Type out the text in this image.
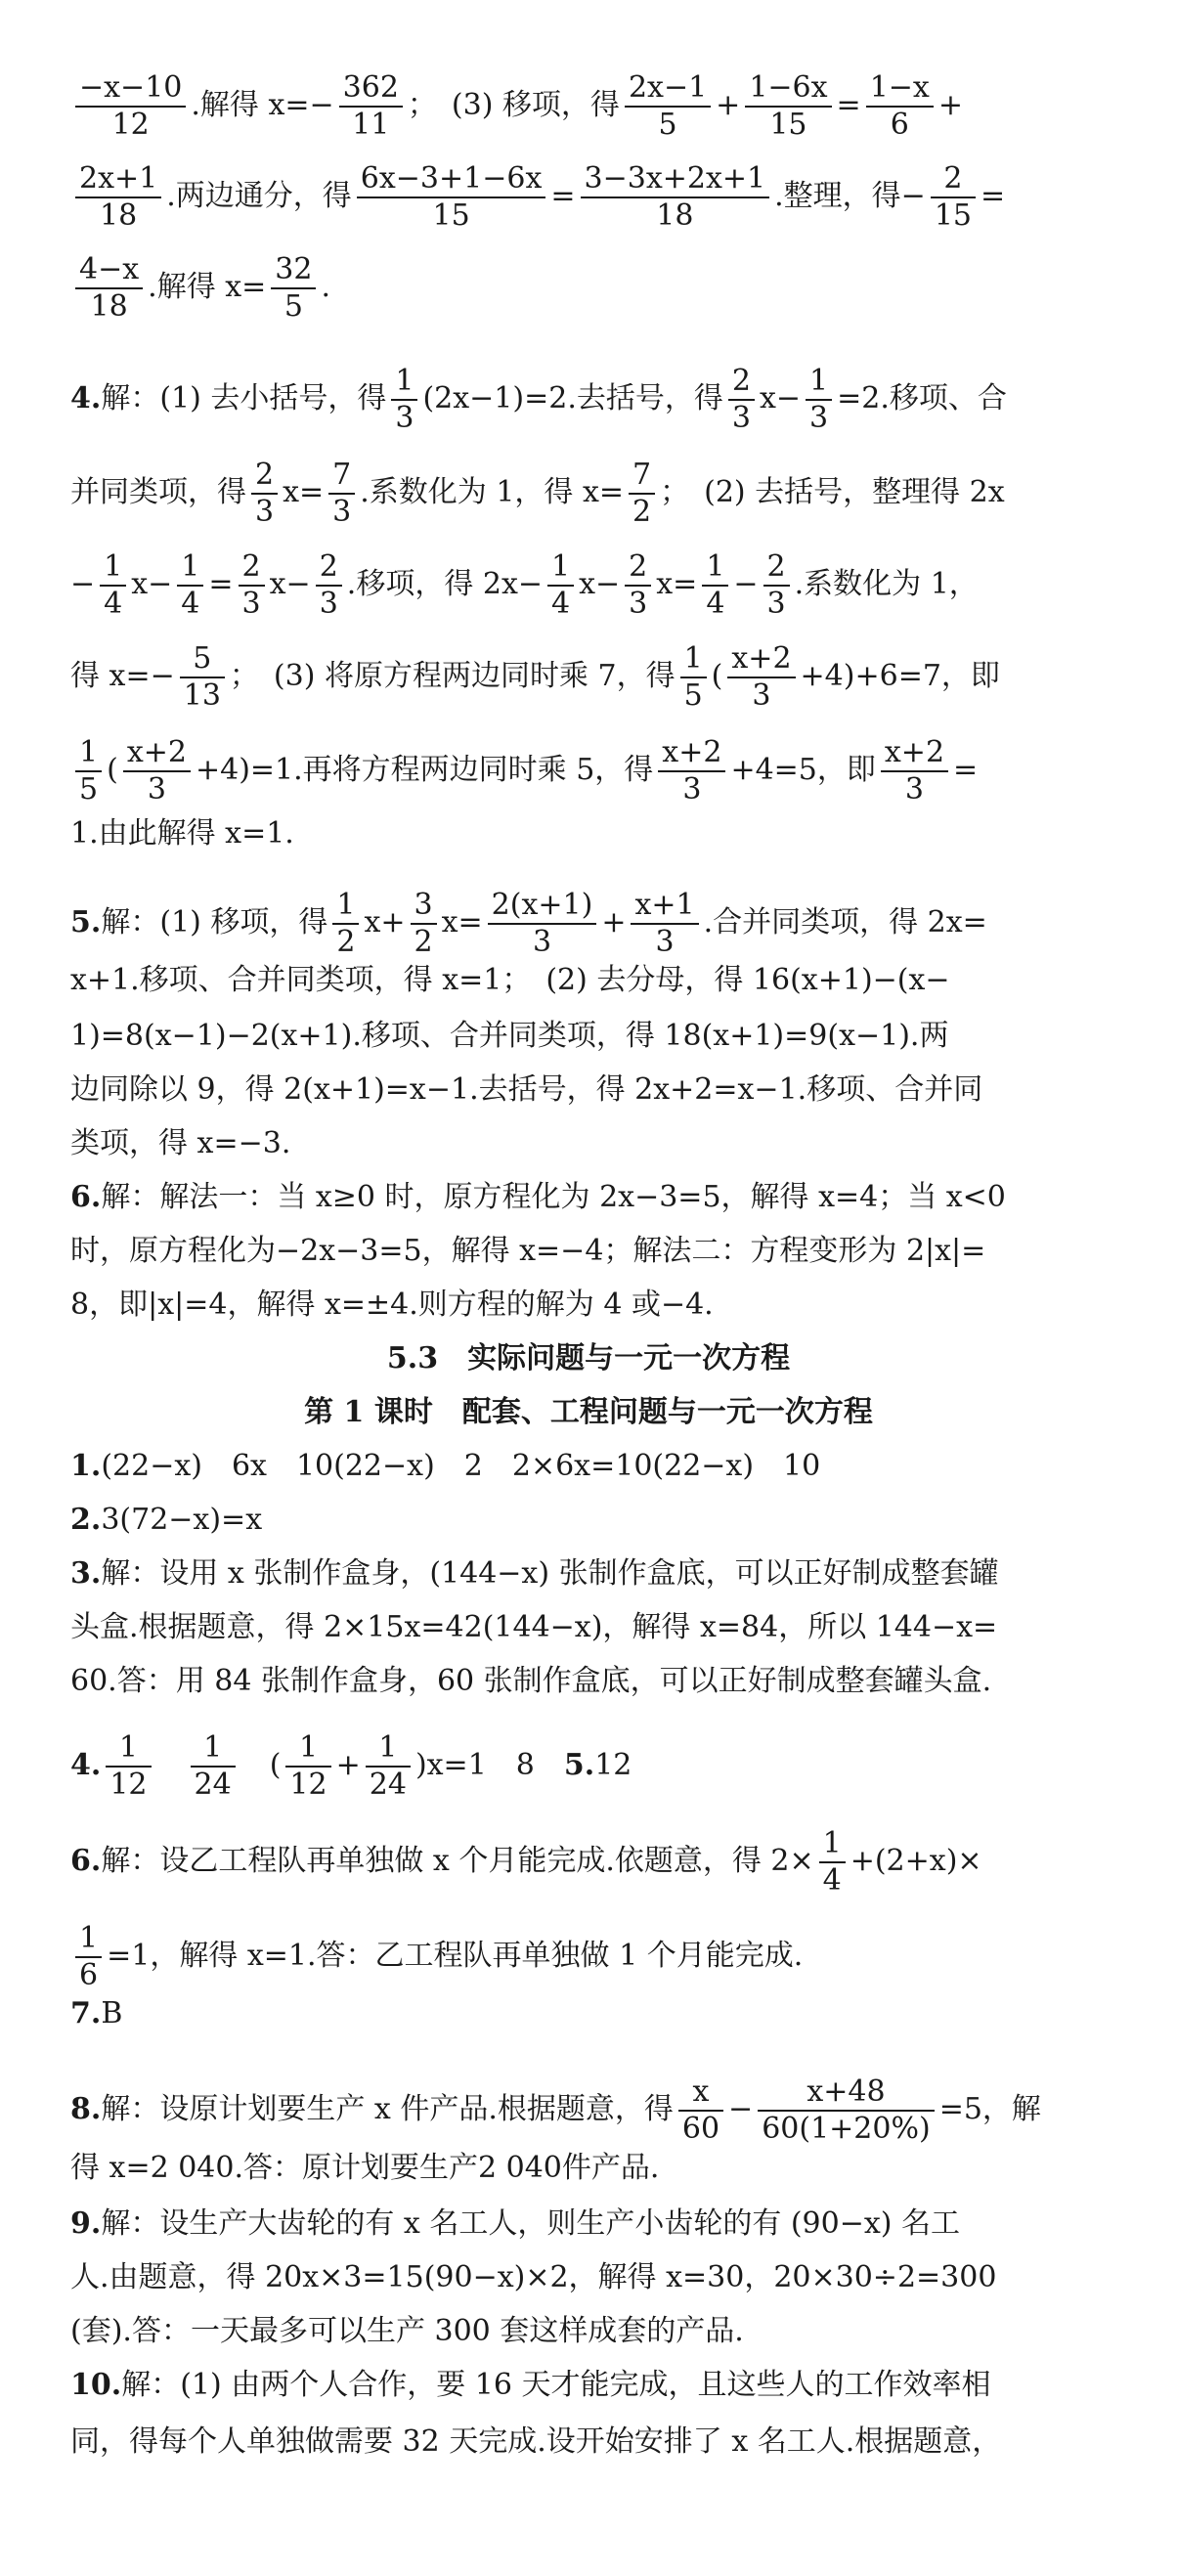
$\frac{-x-10}{12}$ .解得 $x=- \frac{362}{11}$ ；　(3) 移项，得 $\frac{2x-1}{5} + \frac{1-6x}{15} = \frac{1-x}{6}$ +
$\frac{2x+1}{18}$ .两边通分，得 $\frac{6x-3+1-6x}{15} = \frac{3-3x+2x+1}{18}$ .整理，得− $\frac{2}{15}$ =
$\frac{4-x}{18}$ .解得 $x= \frac{32}{5}$ .
4.解：(1) 去小括号，得 $\frac{1}{3} (2x-1)=2$.去括号，得 $\frac{2}{3} x- \frac{1}{3} =2$.移项、合
并同类项，得 $\frac{2}{3} x= \frac{7}{3}$ .系数化为 1，得 $x= \frac{7}{2}$ ；　(2) 去括号，整理得 2x
− $\frac{1}{4} x- \frac{1}{4} = \frac{2}{3} x- \frac{2}{3}$ .移项，得 $2x- \frac{1}{4} x- \frac{2}{3} x= \frac{1}{4} - \frac{2}{3}$ .系数化为 1，
得 $x=- \frac{5}{13}$ ；　(3) 将原方程两边同时乘 7，得 $\frac{1}{5}$ ( $\frac{x+2}{3} +4)+6=7$，即
$\frac{1}{5}$ ( $\frac{x+2}{3} +4)=1$.再将方程两边同时乘 5，得 $\frac{x+2}{3} +4=5$，即 $\frac{x+2}{3}$ =
1.由此解得 x=1.
5.解：(1) 移项，得 $\frac{1}{2} x+ \frac{3}{2} x= \frac{2(x+1)}{3} + \frac{x+1}{3}$ .合并同类项，得 2x=
x+1.移项、合并同类项，得 x=1；　(2) 去分母，得 16(x+1)−(x−
1)=8(x−1)−2(x+1).移项、合并同类项，得 18(x+1)=9(x−1).两
边同除以 9，得 2(x+1)=x−1.去括号，得 2x+2=x−1.移项、合并同
类项，得 x=−3.
6.解：解法一：当 x≥0 时，原方程化为 2x−3=5，解得 x=4；当 x<0
时，原方程化为−2x−3=5，解得 x=−4；解法二：方程变形为 2|x|=
8，即|x|=4，解得 x=±4.则方程的解为 4 或−4.
5.3　实际问题与一元一次方程
第 1 课时　配套、工程问题与一元一次方程
1.(22−x)　6x　10(22−x)　2　2×6x=10(22−x)　10
2.3(72−x)=x
3.解：设用 x 张制作盒身，(144−x) 张制作盒底，可以正好制成整套罐
头盒.根据题意，得 2×15x=42(144−x)，解得 x=84，所以 144−x=
60.答：用 84 张制作盒身，60 张制作盒底，可以正好制成整套罐头盒.
4. $\frac{1}{12}$
　 $\frac{1}{24}$
　 ( $\frac{1}{12} + \frac{1}{24} )x=1$　8　5.12
6.解：设乙工程队再单独做 x 个月能完成.依题意，得 $2\times \frac{1}{4} +(2+x)\times$
$\frac{1}{6} =1$，解得 x=1.答：乙工程队再单独做 1 个月能完成.
7.B
8.解：设原计划要生产 x 件产品.根据题意，得 $\frac{x}{60} - \frac{x+48}{60(1+20\%)} =5$，解
得 x=2 040.答：原计划要生产2 040件产品.
9.解：设生产大齿轮的有 x 名工人，则生产小齿轮的有 (90−x) 名工
人.由题意，得 20x×3=15(90−x)×2，解得 x=30，20×30÷2=300
(套).答：一天最多可以生产 300 套这样成套的产品.
10.解：(1) 由两个人合作，要 16 天才能完成，且这些人的工作效率相
同，得每个人单独做需要 32 天完成.设开始安排了 x 名工人.根据题意，
